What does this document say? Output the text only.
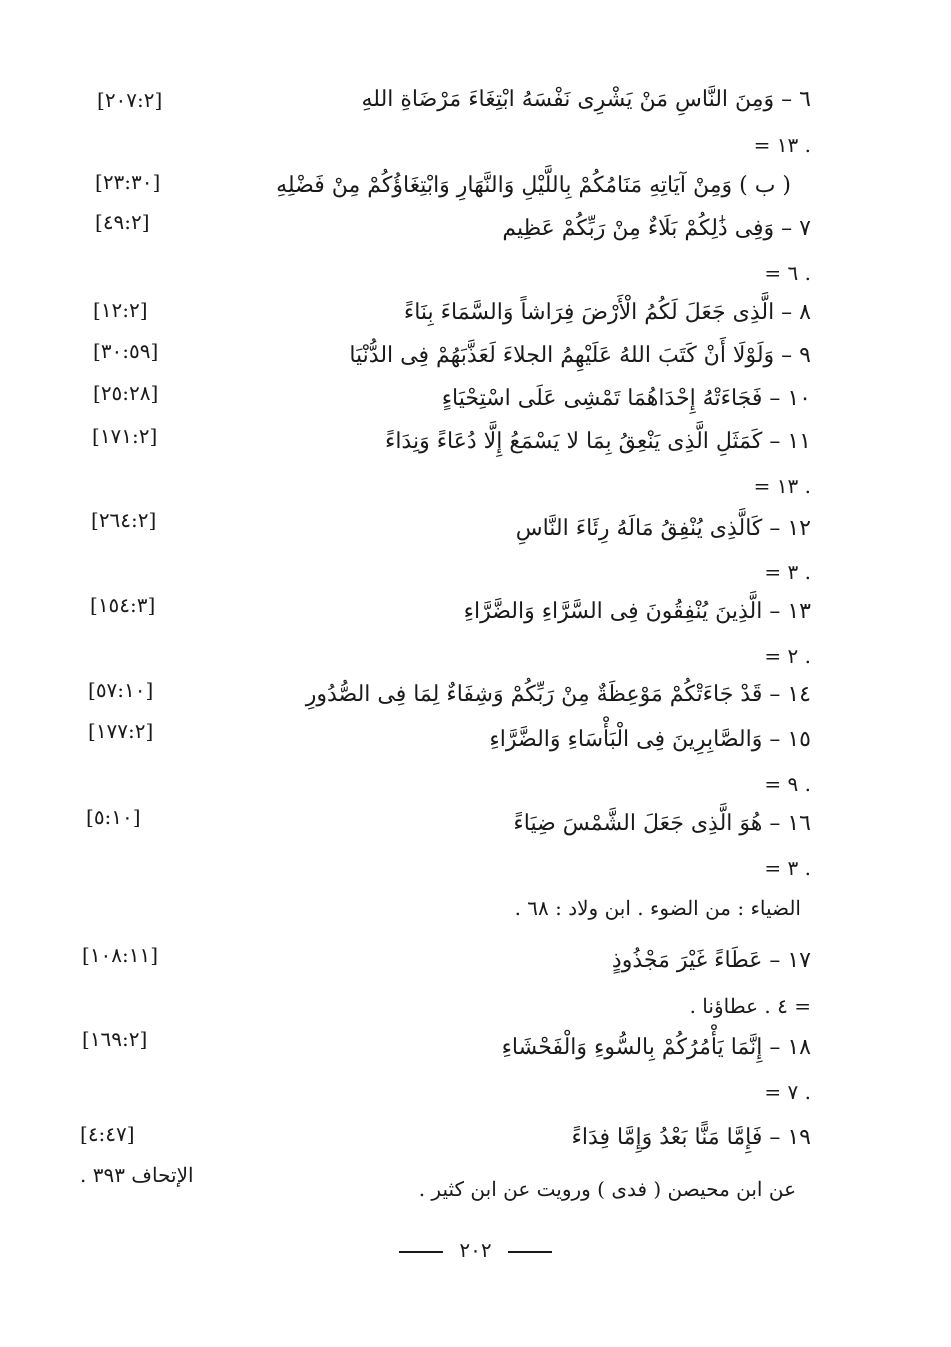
٦ – وَمِنَ النَّاسِ مَنْ يَشْرِى نَفْسَهُ ابْتِغَاءَ مَرْضَاةِ اللهِ
[٢٠٧:٢]
= ١٣ .
( ب ) وَمِنْ آيَاتِهِ مَنَامُكُمْ بِاللَّيْلِ وَالنَّهَارِ وَابْتِغَاؤُكُمْ مِنْ فَضْلِهِ
[٢٣:٣٠]
٧ – وَفِى ذَٰلِكُمْ بَلَاءٌ مِنْ رَبِّكُمْ عَظِيم
[٤٩:٢]
= ٦ .
٨ – الَّذِى جَعَلَ لَكُمُ الْأَرْضَ فِرَاشاً وَالسَّمَاءَ بِنَاءً
[١٢:٢]
٩ – وَلَوْلَا أَنْ كَتَبَ اللهُ عَلَيْهِمُ الجلاءَ لَعَذَّبَهُمْ فِى الدُّنْيَا
[٣٠:٥٩]
١٠ – فَجَاءَتْهُ إِحْدَاهُمَا تَمْشِى عَلَى اسْتِحْيَاءٍ
[٢٥:٢٨]
١١ – كَمَثَلِ الَّذِى يَنْعِقُ بِمَا لا يَسْمَعُ إِلَّا دُعَاءً وَنِدَاءً
[١٧١:٢]
= ١٣ .
١٢ – كَالَّذِى يُنْفِقُ مَالَهُ رِئَاءَ النَّاسِ
[٢٦٤:٢]
= ٣ .
١٣ – الَّذِينَ يُنْفِقُونَ فِى السَّرَّاءِ وَالضَّرَّاءِ
[١٥٤:٣]
= ٢ .
١٤ – قَدْ جَاءَتْكُمْ مَوْعِظَةٌ مِنْ رَبِّكُمْ وَشِفَاءٌ لِمَا فِى الصُّدُورِ
[٥٧:١٠]
١٥ – وَالصَّابِرِينَ فِى الْبَأْسَاءِ وَالضَّرَّاءِ
[١٧٧:٢]
= ٩ .
١٦ – هُوَ الَّذِى جَعَلَ الشَّمْسَ ضِيَاءً
[٥:١٠]
= ٣ .
الضياء : من الضوء . ابن ولاد : ٦٨ .
١٧ – عَطَاءً غَيْرَ مَجْذُوذٍ
[١٠٨:١١]
= ٤ . عطاؤنا .
١٨ – إِنَّمَا يَأْمُرُكُمْ بِالسُّوءِ وَالْفَحْشَاءِ
[١٦٩:٢]
= ٧ .
١٩ – فَإِمَّا مَنًّا بَعْدُ وَإِمَّا فِدَاءً
[٤:٤٧]
عن ابن محيصن ( فدى ) ورويت عن ابن كثير .
الإتحاف ٣٩٣ .
٢٠٢
